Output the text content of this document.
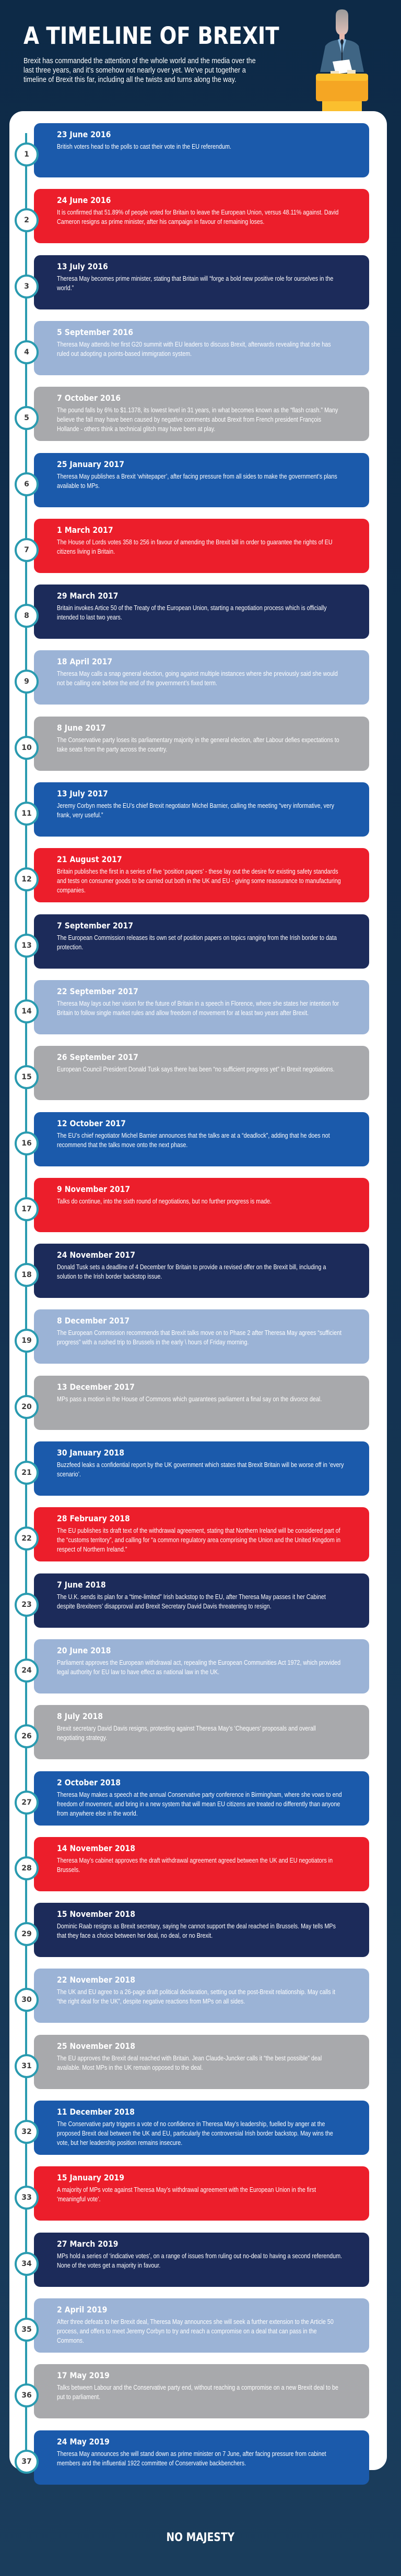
A TIMELINE OF BREXIT

Brexit has commanded the attention of the whole world and the media over the last three years, and it’s somehow not nearly over yet. We’ve put together a timeline of Brexit this far, including all the twists and turns along the way.

23 June 2016

British voters head to the polls to cast their vote in the EU referendum.

1
24 June 2016

It is confirmed that 51.89% of people voted for Britain to leave the European Union, versus 48.11% against. David Cameron resigns as prime minister, after his campaign in favour of remaining loses.

2
13 July 2016

Theresa May becomes prime minister, stating that Britain will “forge a bold new positive role for ourselves in the world.”

3
5 September 2016

Theresa May attends her first G20 summit with EU leaders to discuss Brexit, afterwards revealing that she has ruled out adopting a points-based immigration system.

4
7 October 2016

The pound falls by 6% to $1.1378, its lowest level in 31 years, in what becomes known as the “flash crash.” Many believe the fall may have been caused by negative comments about Brexit from French president François Hollande - others think a technical glitch may have been at play.

5
25 January 2017

Theresa May publishes a Brexit ‘whitepaper’, after facing pressure from all sides to make the government’s plans available to MPs.

6
1 March 2017

The House of Lords votes 358 to 256 in favour of amending the Brexit bill in order to guarantee the rights of EU citizens living in Britain.

7
29 March 2017

Britain invokes Artice 50 of the Treaty of the European Union, starting a negotiation process which is officially intended to last two years.

8
18 April 2017

Theresa May calls a snap general election, going against multiple instances where she previously said she would not be calling one before the end of the government’s fixed term.

9
8 June 2017

The Conservative party loses its parliamentary majority in the general election, after Labour defies expectations to take seats from the party across the country.

10
13 July 2017

Jeremy Corbyn meets the EU’s chief Brexit negotiator Michel Barnier, calling the meeting “very informative, very frank, very useful.”

11
21 August 2017

Britain publishes the first in a series of five ‘position papers’ - these lay out the desire for existing safety standards and tests on consumer goods to be carried out both in the UK and EU - giving some reassurance to manufacturing companies.

12
7 September 2017

The European Commission releases its own set of position papers on topics ranging from the Irish border to data protection.

13
22 September 2017

Theresa May lays out her vision for the future of Britain in a speech in Florence, where she states her intention for Britain to follow single market rules and allow freedom of movement for at least two years after Brexit.

14
26 September 2017

European Council President Donald Tusk says there has been “no sufficient progress yet” in Brexit negotiations.

15
12 October 2017

The EU’s chief negotiator Michel Barnier announces that the talks are at a “deadlock”, adding that he does not recommend that the talks move onto the next phase.

16
9 November 2017

Talks do continue, into the sixth round of negotiations, but no further progress is made.

17
24 November 2017

Donald Tusk sets a deadline of 4 December for Britain to provide a revised offer on the Brexit bill, including a solution to the Irish border backstop issue.

18
8 December 2017

The European Commission recommends that Brexit talks move on to Phase 2 after Theresa May agrees “sufficient progress” with a rushed trip to Brussels in the early \ hours of Friday morning.

19
13 December 2017

MPs pass a motion in the House of Commons which guarantees parliament a final say on the divorce deal.

20
30 January 2018

Buzzfeed leaks a confidential report by the UK government which states that Brexit Britain will be worse off in ‘every scenario’.

21
28 February 2018

The EU publishes its draft text of the withdrawal agreement, stating that Northern Ireland will be considered part of the “customs territory”, and calling for “a common regulatory area comprising the Union and the United Kingdom in respect of Northern Ireland.”

22
7 June 2018

The U.K. sends its plan for a “time-limited” Irish backstop to the EU, after Theresa May passes it her Cabinet despite Brexiteers’ disapproval and Brexit Secretary David Davis threatening to resign.

23
20 June 2018

Parliament approves the European withdrawal act, repealing the European Communities Act 1972, which provided legal authority for EU law to have effect as national law in the UK.

24
8 July 2018

Brexit secretary David Davis resigns, protesting against Theresa May’s ‘Chequers’ proposals and overall negotiating strategy.

26
2 October 2018

Theresa May makes a speech at the annual Conservative party conference in Birmingham, where she vows to end freedom of movement, and bring in a new system that will mean EU citizens are treated no differently than anyone from anywhere else in the world.

27
14 November 2018

Theresa May’s cabinet approves the draft withdrawal agreement agreed between the UK and EU negotiators in Brussels.

28
15 November 2018

Dominic Raab resigns as Brexit secretary, saying he cannot support the deal reached in Brussels. May tells MPs that they face a choice between her deal, no deal, or no Brexit.

29
22 November 2018

The UK and EU agree to a 26-page draft political declaration, setting out the post-Brexit relationship. May calls it “the right deal for the UK”, despite negative reactions from MPs on all sides.

30
25 November 2018

The EU approves the Brexit deal reached with Britain. Jean Claude-Juncker calls it “the best possible” deal available. Most MPs in the UK remain opposed to the deal.

31
11 December 2018

The Conservative party triggers a vote of no confidence in Theresa May’s leadership, fuelled by anger at the proposed Brexit deal between the UK and EU, particularly the controversial Irish border backstop. May wins the vote, but her leadership position remains insecure.

32
15 January 2019

A majority of MPs vote against Theresa May’s withdrawal agreement with the European Union in the first ‘meaningful vote’.

33
27 March 2019

MPs hold a series of ‘indicative votes’, on a range of issues from ruling out no-deal to having a second referendum. None of the votes get a majority in favour.

34
2 April 2019

After three defeats to her Brexit deal, Theresa May announces she will seek a further extension to the Article 50 process, and offers to meet Jeremy Corbyn to try and reach a compromise on a deal that can pass in the Commons.

35
17 May 2019

Talks between Labour and the Conservative party end, without reaching a compromise on a new Brexit deal to be put to parliament.

36
24 May 2019

Theresa May announces she will stand down as prime minister on 7 June, after facing pressure from cabinet members and the influential 1922 committee of Conservative backbenchers.

37
NO MAJESTY
